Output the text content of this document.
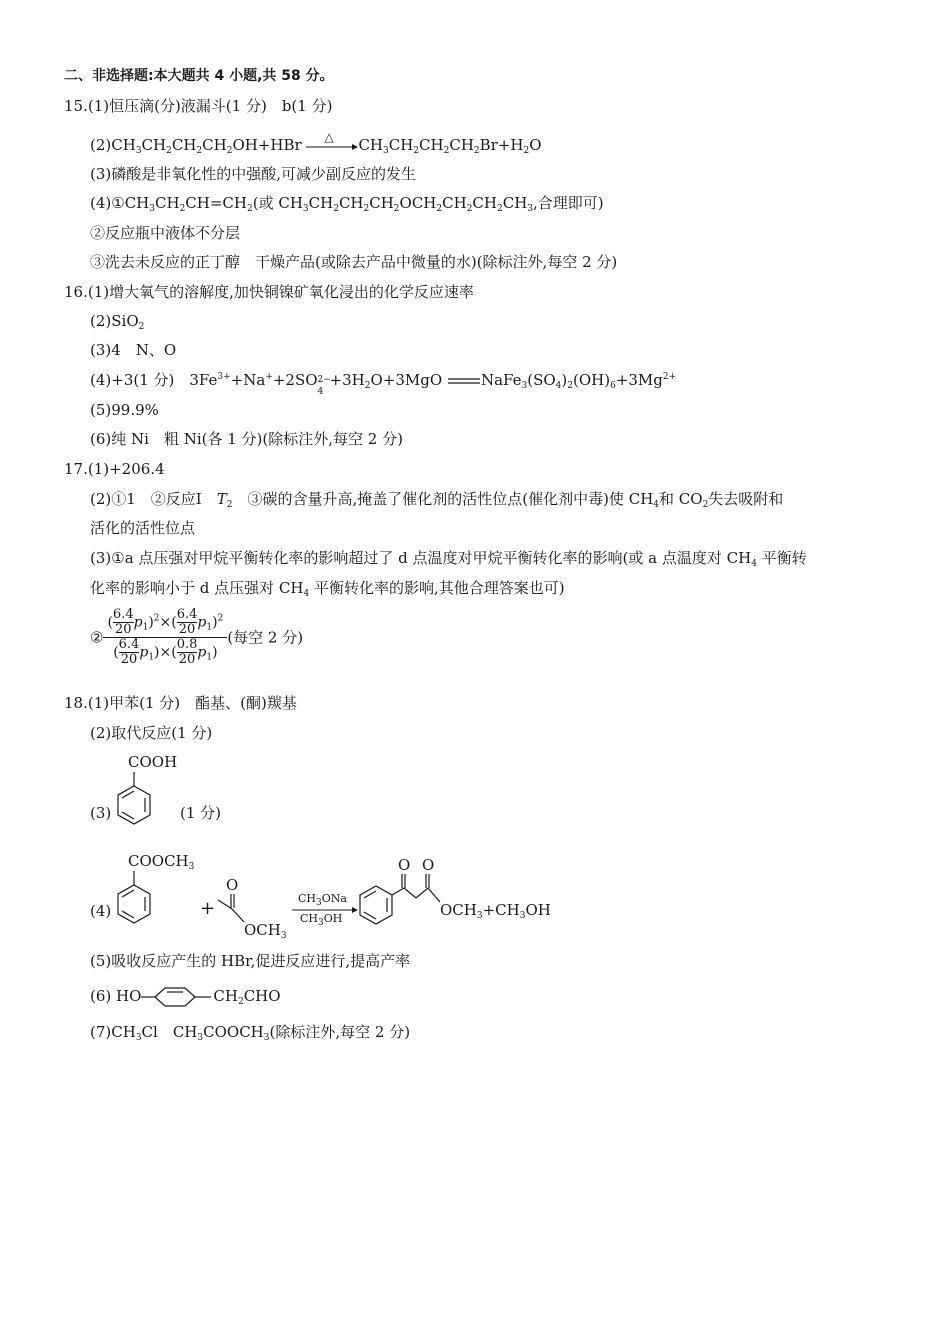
二、非选择题:本大题共 4 小题,共 58 分。
15.(1)恒压滴(分)液漏斗(1 分)　b(1 分)
$(2)CH_3CH_2CH_2CH_2OH+HBr$ △ $CH_3CH_2CH_2CH_2Br+H_2O$
(3)磷酸是非氧化性的中强酸,可减少副反应的发生
$(4)①CH_3CH_2CH=CH_2$(或 $CH_3CH_2CH_2CH_2OCH_2CH_2CH_2CH_3$,合理即可)
②反应瓶中液体不分层
③洗去未反应的正丁醇　干燥产品(或除去产品中微量的水)(除标注外,每空 2 分)
16.(1)增大氧气的溶解度,加快铜镍矿氧化浸出的化学反应速率
(2)SiO$_2$
(3)4　N、O
(4)+3(1 分)　$3Fe^{3+}+Na^++2SO$ 2−
4
$+3H_2O+3MgO$	$NaFe_3(SO_4)_2(OH)_6+3Mg^{2+}$
(5)99.9%
(6)纯 Ni　粗 Ni(各 1 分)(除标注外,每空 2 分)
17.(1)+206.4
(2)①1　②反应Ⅰ　$T_2$　③碳的含量升高,掩盖了催化剂的活性位点(催化剂中毒)使 $CH_4$和 $CO_2$失去吸附和
活化的活性位点
(3)①a 点压强对甲烷平衡转化率的影响超过了 d 点温度对甲烷平衡转化率的影响(或 a 点温度对 $CH_4$ 平衡转
化率的影响小于 d 点压强对 $CH_4$ 平衡转化率的影响,其他合理答案也可)
② $\frac{( \frac{6.4}{20} p_1)^2\times( \frac{6.4}{20} p_1)^2}{( \frac{6.4}{20} p_1)\times( \frac{0.8}{20} p_1)}$ (每空 2 分)
18.(1)甲苯(1 分)　酯基、(酮)羰基
(2)取代反应(1 分)
COOH
(3)	(1 分)
$COOCH_3$
(4)	+
O
$OCH_3$
$CH_3ONa$
$CH_3OH$
O O
$OCH_3+CH_3OH$
(5)吸收反应产生的 HBr,促进反应进行,提高产率
(6) HO	$CH_2CHO$
$(7)CH_3Cl$　$CH_3COOCH_3$(除标注外,每空 2 分)
